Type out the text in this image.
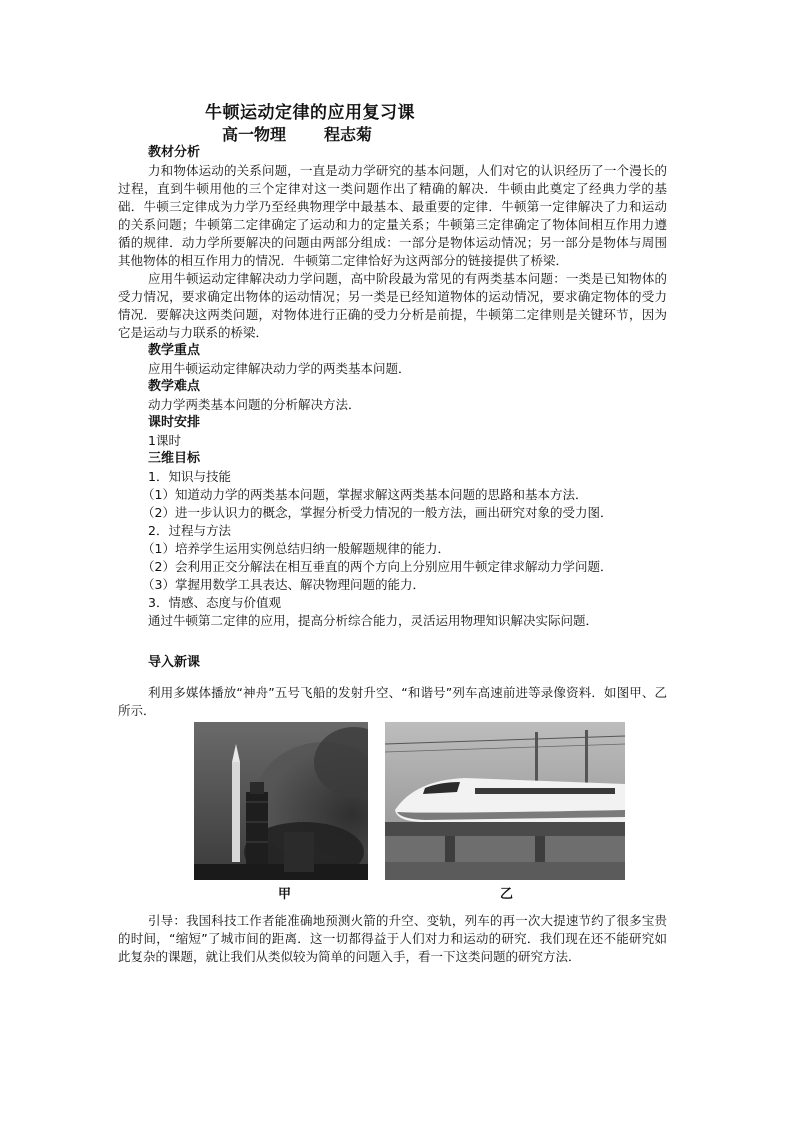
牛顿运动定律的应用复习课
高一物理 程志菊

教材分析

力和物体运动的关系问题，一直是动力学研究的基本问题，人们对它的认识经历了一个漫长的过程，直到牛顿用他的三个定律对这一类问题作出了精确的解决．牛顿由此奠定了经典力学的基础．牛顿三定律成为力学乃至经典物理学中最基本、最重要的定律．牛顿第一定律解决了力和运动的关系问题；牛顿第二定律确定了运动和力的定量关系；牛顿第三定律确定了物体间相互作用力遵循的规律．动力学所要解决的问题由两部分组成：一部分是物体运动情况；另一部分是物体与周围其他物体的相互作用力的情况．牛顿第二定律恰好为这两部分的链接提供了桥梁．

应用牛顿运动定律解决动力学问题，高中阶段最为常见的有两类基本问题：一类是已知物体的受力情况，要求确定出物体的运动情况；另一类是已经知道物体的运动情况，要求确定物体的受力情况．要解决这两类问题，对物体进行正确的受力分析是前提，牛顿第二定律则是关键环节，因为它是运动与力联系的桥梁．

教学重点

应用牛顿运动定律解决动力学的两类基本问题．

教学难点

动力学两类基本问题的分析解决方法．

课时安排

1课时

三维目标

1．知识与技能

（1）知道动力学的两类基本问题，掌握求解这两类基本问题的思路和基本方法．

（2）进一步认识力的概念，掌握分析受力情况的一般方法，画出研究对象的受力图．

2．过程与方法

（1）培养学生运用实例总结归纳一般解题规律的能力．

（2）会利用正交分解法在相互垂直的两个方向上分别应用牛顿定律求解动力学问题．

（3）掌握用数学工具表达、解决物理问题的能力．

3．情感、态度与价值观

通过牛顿第二定律的应用，提高分析综合能力，灵活运用物理知识解决实际问题．

导入新课

利用多媒体播放“神舟”五号飞船的发射升空、“和谐号”列车高速前进等录像资料．如图甲、乙所示．

甲	乙

引导：我国科技工作者能准确地预测火箭的升空、变轨，列车的再一次大提速节约了很多宝贵的时间，“缩短”了城市间的距离．这一切都得益于人们对力和运动的研究．我们现在还不能研究如此复杂的课题，就让我们从类似较为简单的问题入手，看一下这类问题的研究方法．
